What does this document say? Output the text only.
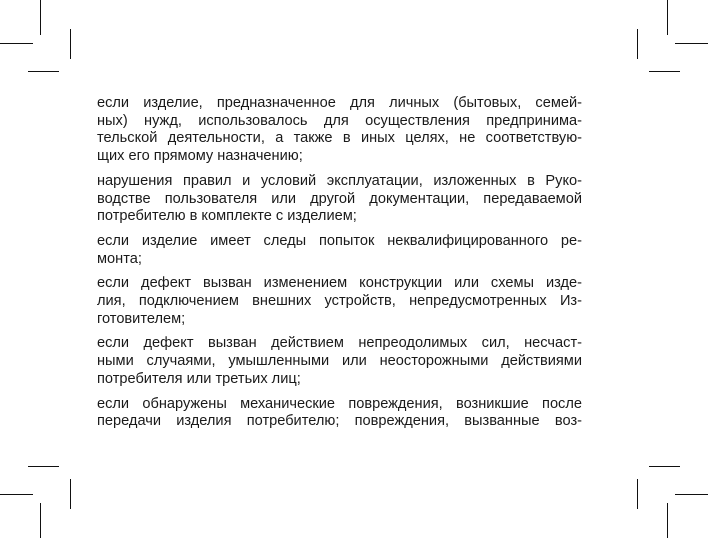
если изделие, предназначенное для личных (бытовых, семей-
ных) нужд, использовалось для осуществления предпринима-
тельской деятельности, а также в иных целях, не соответствую-
щих его прямому назначению;

нарушения правил и условий эксплуатации, изложенных в Руко-
водстве пользователя или другой документации, передаваемой
потребителю в комплекте с изделием;

если изделие имеет следы попыток неквалифицированного ре-
монта;

если дефект вызван изменением конструкции или схемы изде-
лия, подключением внешних устройств, непредусмотренных Из-
готовителем;

если дефект вызван действием непреодолимых сил, несчаст-
ными случаями, умышленными или неосторожными действиями
потребителя или третьих лиц;

если обнаружены механические повреждения, возникшие после
передачи изделия потребителю; повреждения, вызванные воз-
